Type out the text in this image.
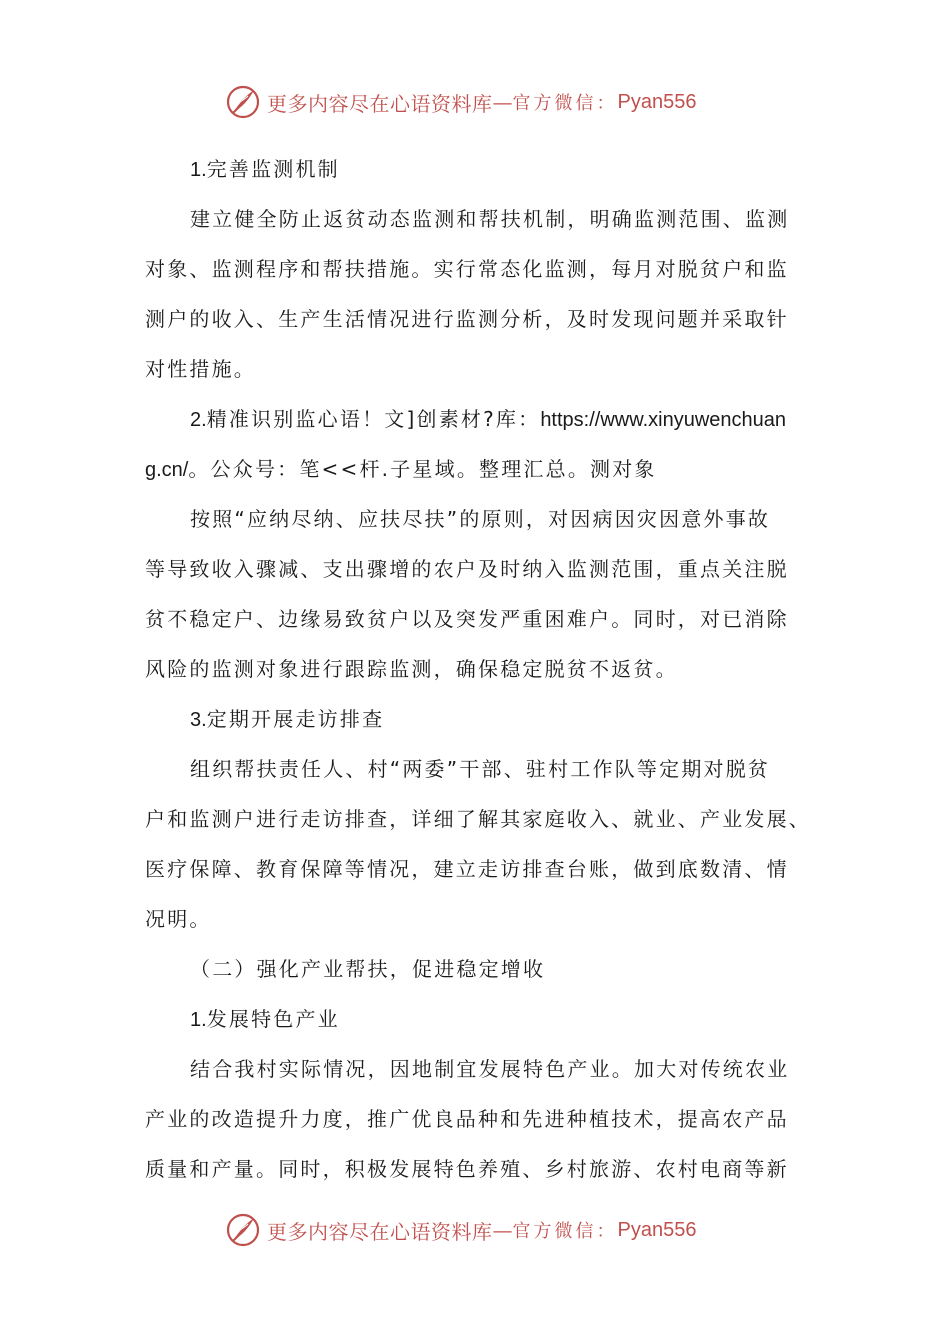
更多内容尽在心语资料库 — 官方微信： Pyan556
1.完善监测机制
建立健全防止返贫动态监测和帮扶机制，明确监测范围、监测
对象、监测程序和帮扶措施。实行常态化监测，每月对脱贫户和监
测户的收入、生产生活情况进行监测分析，及时发现问题并采取针
对性措施。
2.精准识别监心语！文]创素材?库：https://www.xinyuwenchuan
g.cn/。公众号：笔<<杆.子星域。整理汇总。测对象
按照“应纳尽纳、应扶尽扶”的原则，对因病因灾因意外事故
等导致收入骤减、支出骤增的农户及时纳入监测范围，重点关注脱
贫不稳定户、边缘易致贫户以及突发严重困难户。同时，对已消除
风险的监测对象进行跟踪监测，确保稳定脱贫不返贫。
3.定期开展走访排查
组织帮扶责任人、村“两委”干部、驻村工作队等定期对脱贫
户和监测户进行走访排查，详细了解其家庭收入、就业、产业发展、
医疗保障、教育保障等情况，建立走访排查台账，做到底数清、情
况明。
（二）强化产业帮扶，促进稳定增收
1.发展特色产业
结合我村实际情况，因地制宜发展特色产业。加大对传统农业
产业的改造提升力度，推广优良品种和先进种植技术，提高农产品
质量和产量。同时，积极发展特色养殖、乡村旅游、农村电商等新
更多内容尽在心语资料库 — 官方微信： Pyan556
